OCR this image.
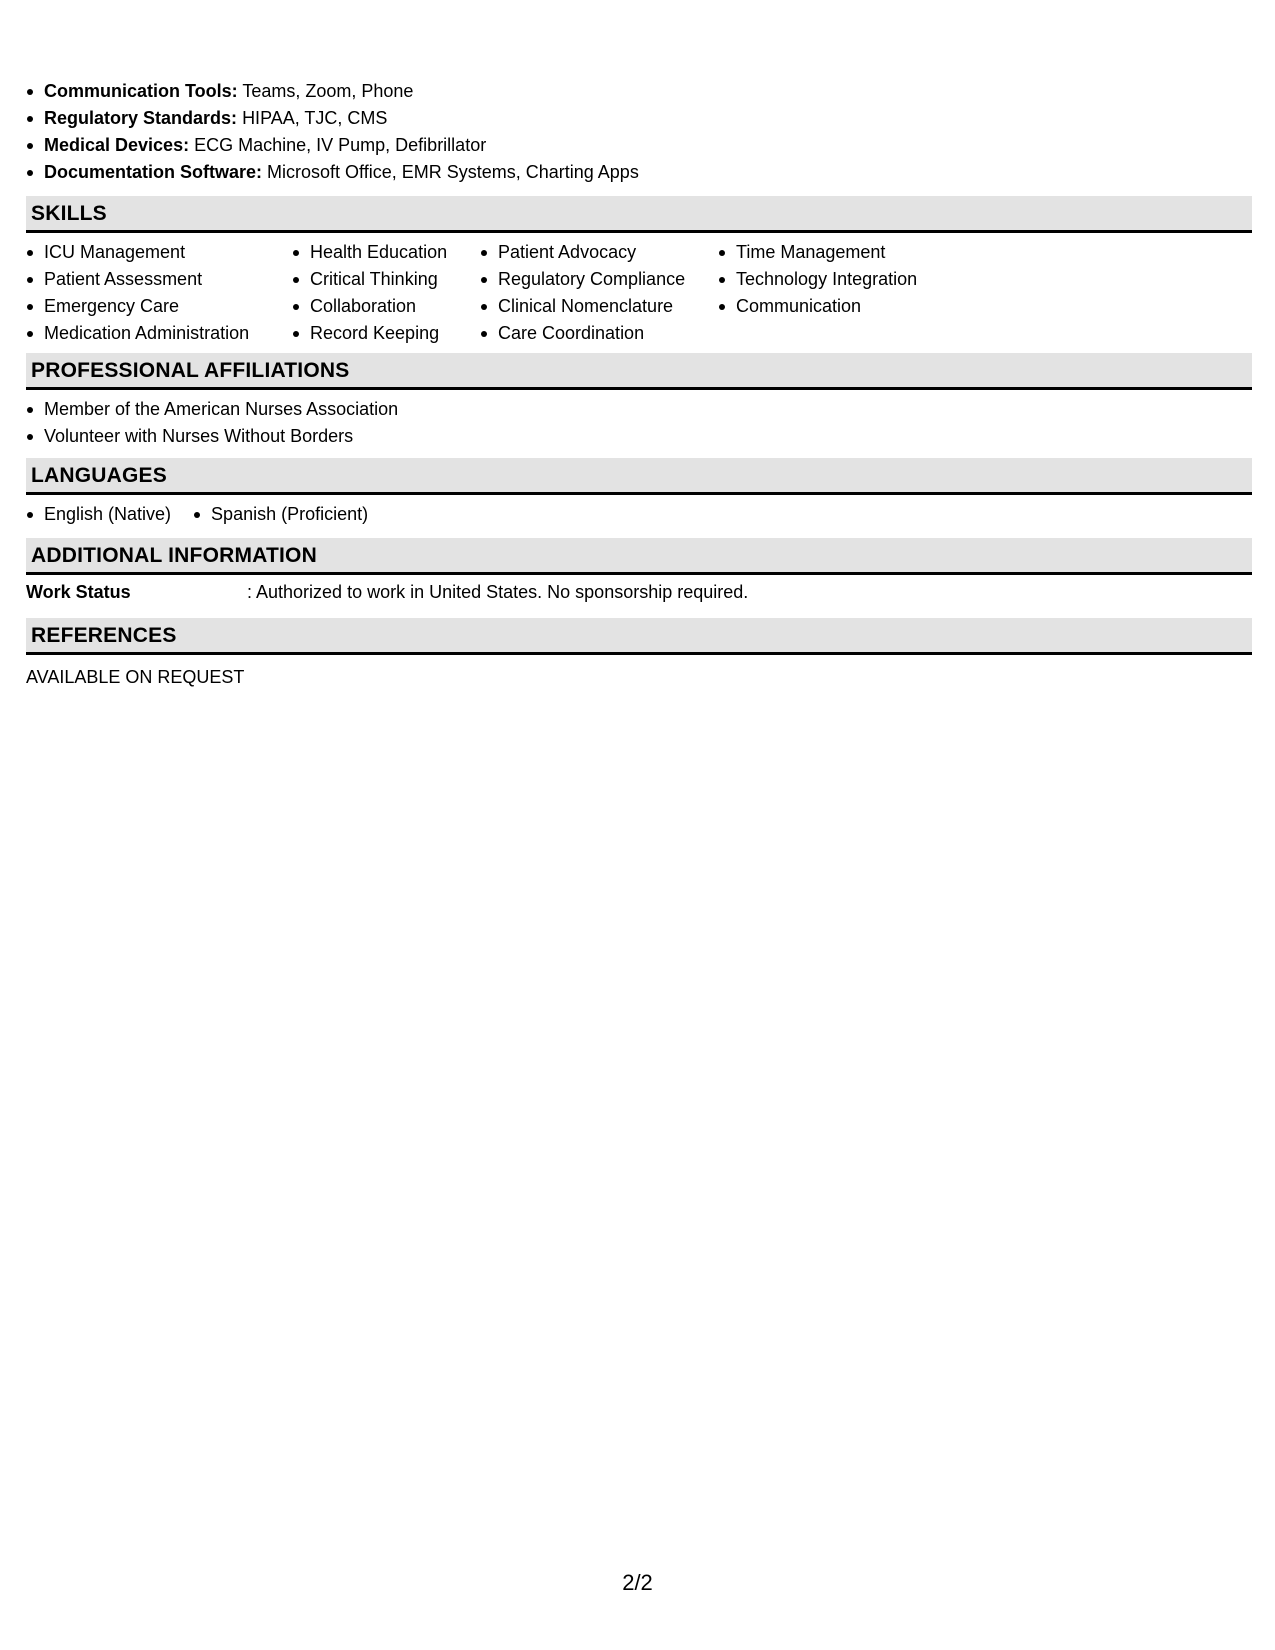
Communication Tools: Teams, Zoom, Phone
Regulatory Standards: HIPAA, TJC, CMS
Medical Devices: ECG Machine, IV Pump, Defibrillator
Documentation Software: Microsoft Office, EMR Systems, Charting Apps
SKILLS
ICU Management
Patient Assessment
Emergency Care
Medication Administration
Health Education
Critical Thinking
Collaboration
Record Keeping
Patient Advocacy
Regulatory Compliance
Clinical Nomenclature
Care Coordination
Time Management
Technology Integration
Communication
PROFESSIONAL AFFILIATIONS
Member of the American Nurses Association
Volunteer with Nurses Without Borders
LANGUAGES
English (Native)	Spanish (Proficient)
ADDITIONAL INFORMATION
Work Status	: Authorized to work in United States. No sponsorship required.
REFERENCES
AVAILABLE ON REQUEST
2/2
